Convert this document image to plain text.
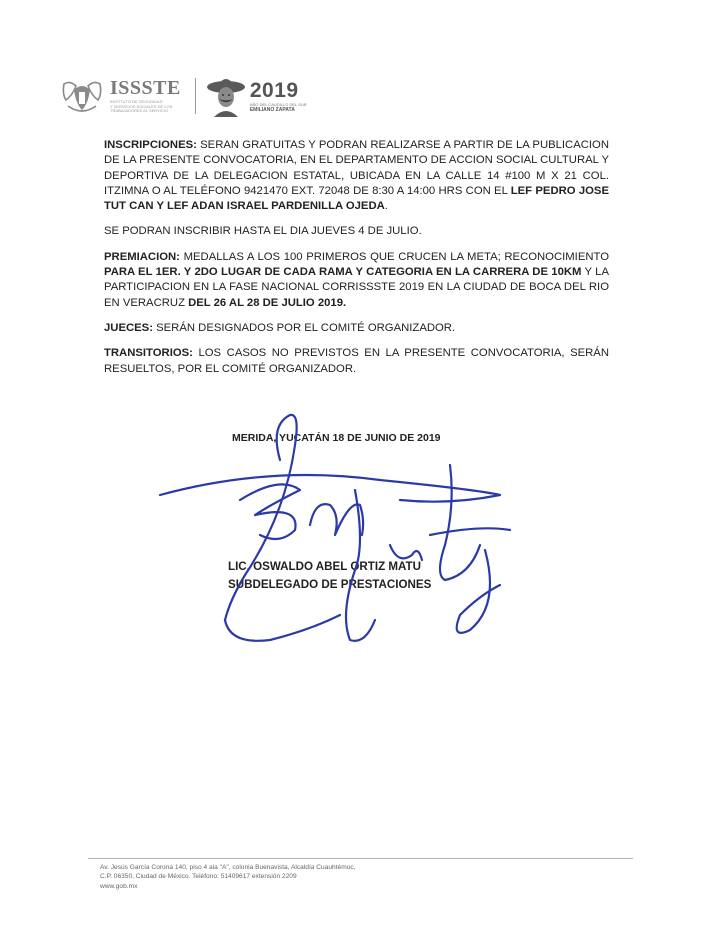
ISSSTE
INSTITUTO DE SEGURIDAD
Y SERVICIOS SOCIALES DE LOS
TRABAJADORES AL SERVICIO
2019
AÑO DEL CAUDILLO DEL SUR
EMILIANO ZAPATA

INSCRIPCIONES: SERAN GRATUITAS Y PODRAN REALIZARSE A PARTIR DE LA PUBLICACION DE LA PRESENTE CONVOCATORIA, EN EL DEPARTAMENTO DE ACCION SOCIAL CULTURAL Y DEPORTIVA DE LA DELEGACION ESTATAL, UBICADA EN LA CALLE 14 #100 M X 21 COL. ITZIMNA O AL TELÉFONO 9421470 EXT. 72048 DE 8:30 A 14:00 HRS CON EL LEF PEDRO JOSE TUT CAN Y LEF ADAN ISRAEL PARDENILLA OJEDA.

SE PODRAN INSCRIBIR HASTA EL DIA JUEVES 4 DE JULIO.

PREMIACION: MEDALLAS A LOS 100 PRIMEROS QUE CRUCEN LA META; RECONOCIMIENTO PARA EL 1ER. Y 2DO LUGAR DE CADA RAMA Y CATEGORIA EN LA CARRERA DE 10KM Y LA PARTICIPACION EN LA FASE NACIONAL CORRISSSTE 2019 EN LA CIUDAD DE BOCA DEL RIO EN VERACRUZ DEL 26 AL 28 DE JULIO 2019.

JUECES: SERÁN DESIGNADOS POR EL COMITÉ ORGANIZADOR.

TRANSITORIOS: LOS CASOS NO PREVISTOS EN LA PRESENTE CONVOCATORIA, SERÁN RESUELTOS, POR EL COMITÉ ORGANIZADOR.

MERIDA, YUCATÁN 18 DE JUNIO DE 2019
LIC. OSWALDO ABEL ORTIZ MATU
SUBDELEGADO DE PRESTACIONES
Av. Jesús García Corona 140, piso 4 ala "A", colonia Buenavista, Alcaldía Cuauhtémoc,
C.P. 06350, Ciudad de México. Teléfono: 51409617 extensión 2209
www.gob.mx
